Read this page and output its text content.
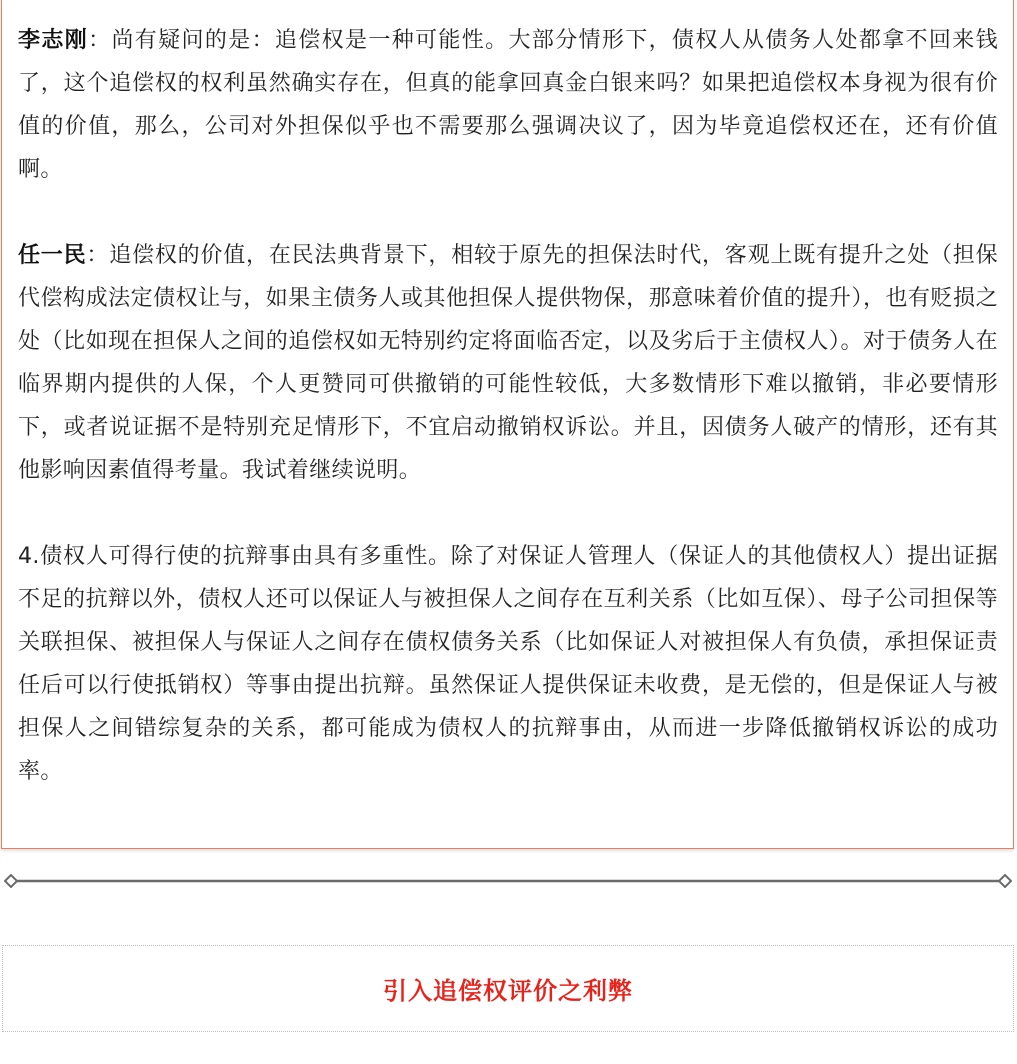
李志刚：尚有疑问的是：追偿权是一种可能性。大部分情形下，债权人从债务人处都拿不回来钱了，这个追偿权的权利虽然确实存在，但真的能拿回真金白银来吗？如果把追偿权本身视为很有价值的价值，那么，公司对外担保似乎也不需要那么强调决议了，因为毕竟追偿权还在，还有价值啊。

任一民：追偿权的价值，在民法典背景下，相较于原先的担保法时代，客观上既有提升之处（担保代偿构成法定债权让与，如果主债务人或其他担保人提供物保，那意味着价值的提升），也有贬损之处（比如现在担保人之间的追偿权如无特别约定将面临否定，以及劣后于主债权人）。对于债务人在临界期内提供的人保，个人更赞同可供撤销的可能性较低，大多数情形下难以撤销，非必要情形下，或者说证据不是特别充足情形下，不宜启动撤销权诉讼。并且，因债务人破产的情形，还有其他影响因素值得考量。我试着继续说明。

4.债权人可得行使的抗辩事由具有多重性。除了对保证人管理人（保证人的其他债权人）提出证据不足的抗辩以外，债权人还可以保证人与被担保人之间存在互利关系（比如互保）、母子公司担保等关联担保、被担保人与保证人之间存在债权债务关系（比如保证人对被担保人有负债，承担保证责任后可以行使抵销权）等事由提出抗辩。虽然保证人提供保证未收费，是无偿的，但是保证人与被担保人之间错综复杂的关系，都可能成为债权人的抗辩事由，从而进一步降低撤销权诉讼的成功率。

引入追偿权评价之利弊
